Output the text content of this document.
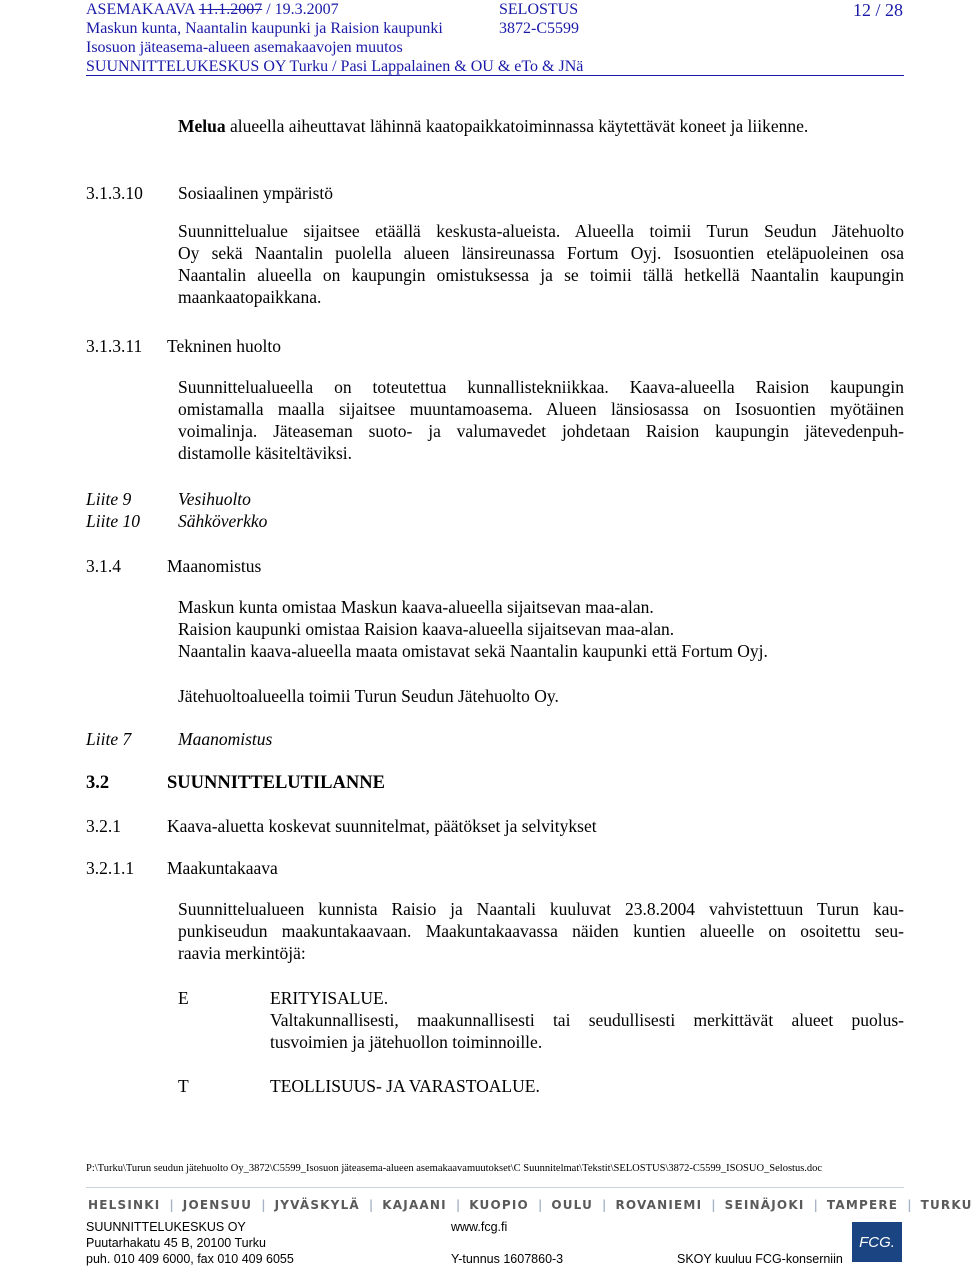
ASEMAKAAVA 11.1.2007 / 19.3.2007	SELOSTUS	12 / 28
Maskun kunta, Naantalin kaupunki ja Raision kaupunki	3872-C5599
Isosuon jäteasema-alueen asemakaavojen muutos
SUUNNITTELUKESKUS OY Turku / Pasi Lappalainen & OU & eTo & JNä
Melua alueella aiheuttavat lähinnä kaatopaikkatoiminnassa käytettävät koneet ja liikenne.
3.1.3.10 Sosiaalinen ympäristö

Suunnittelualue sijaitsee etäällä keskusta-alueista. Alueella toimii Turun Seudun Jätehuolto

Oy sekä Naantalin puolella alueen länsireunassa Fortum Oyj. Isosuontien eteläpuoleinen osa

Naantalin alueella on kaupungin omistuksessa ja se toimii tällä hetkellä Naantalin kaupungin

maankaatopaikkana.

3.1.3.11 Tekninen huolto

Suunnittelualueella on toteutettua kunnallistekniikkaa. Kaava-alueella Raision kaupungin

omistamalla maalla sijaitsee muuntamoasema. Alueen länsiosassa on Isosuontien myötäinen

voimalinja. Jäteaseman suoto- ja valumavedet johdetaan Raision kaupungin jätevedenpuh-

distamolle käsiteltäviksi.

Liite 9	Vesihuolto
Liite 10 Sähköverkko
3.1.4	Maanomistus
Maskun kunta omistaa Maskun kaava-alueella sijaitsevan maa-alan.
Raision kaupunki omistaa Raision kaava-alueella sijaitsevan maa-alan.
Naantalin kaava-alueella maata omistavat sekä Naantalin kaupunki että Fortum Oyj.
Jätehuoltoalueella toimii Turun Seudun Jätehuolto Oy.
Liite 7	Maanomistus
3.2	SUUNNITTELUTILANNE
3.2.1	Kaava-aluetta koskevat suunnitelmat, päätökset ja selvitykset
3.2.1.1 Maakuntakaava

Suunnittelualueen kunnista Raisio ja Naantali kuuluvat 23.8.2004 vahvistettuun Turun kau-

punkiseudun maakuntakaavaan. Maakuntakaavassa näiden kuntien alueelle on osoitettu seu-

raavia merkintöjä:

E	ERITYISALUE.
Valtakunnallisesti, maakunnallisesti tai seudullisesti merkittävät alueet puolus-
tusvoimien ja jätehuollon toiminnoille.
T	TEOLLISUUS- JA VARASTOALUE.
P:\Turku\Turun seudun jätehuolto Oy_3872\C5599_Isosuon jäteasema-alueen asemakaavamuutokset\C Suunnitelmat\Tekstit\SELOSTUS\3872-C5599_ISOSUO_Selostus.doc
HELSINKI | JOENSUU | JYVÄSKYLÄ | KAJAANI | KUOPIO | OULU | ROVANIEMI | SEINÄJOKI | TAMPERE | TURKU
SUUNNITTELUKESKUS OY
Puutarhakatu 45 B, 20100 Turku
puh. 010 409 6000, fax 010 409 6055
www.fcg.fi
Y-tunnus 1607860-3	SKOY kuuluu FCG-konserniin
FCG.
